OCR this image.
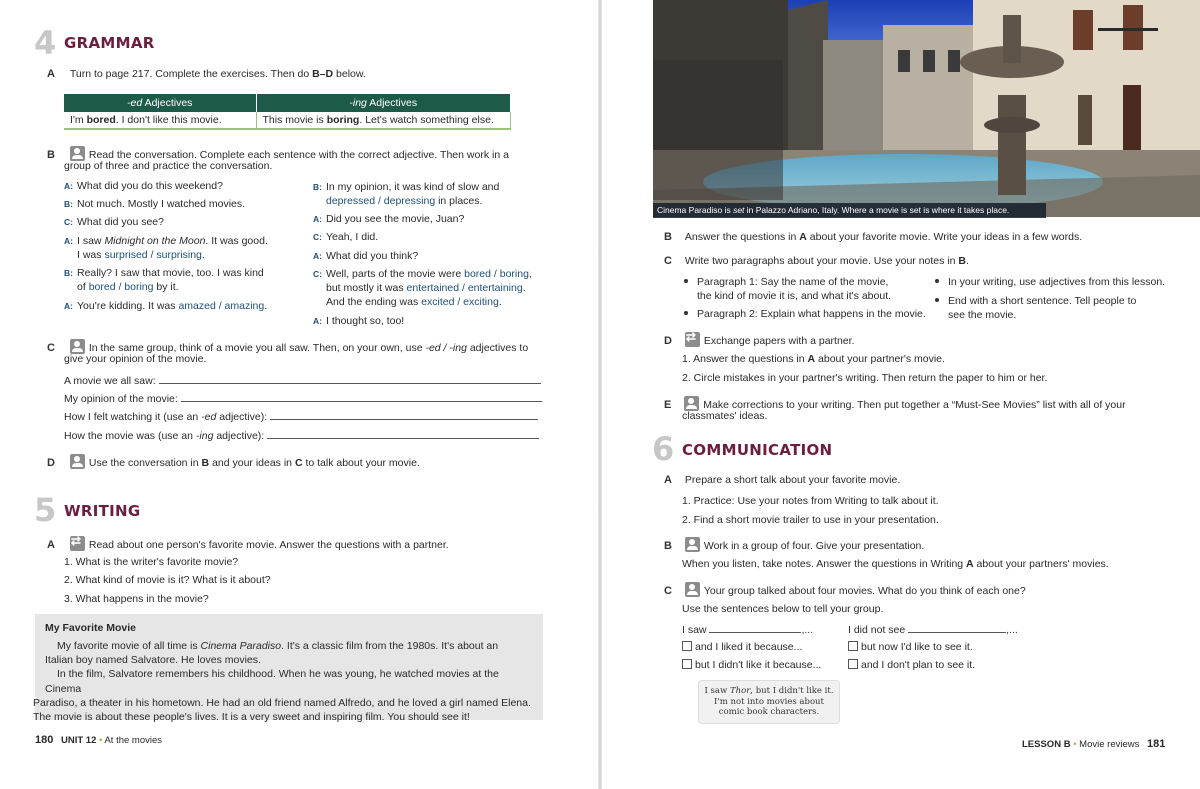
4 GRAMMAR
A Turn to page 217. Complete the exercises. Then do B–D below.
-ed Adjectives	-ing Adjectives
I'm bored. I don't like this movie.	This movie is boring. Let's watch something else.
B	Read the conversation. Complete each sentence with the correct adjective. Then work in a
group of three and practice the conversation.
A: What did you do this weekend?
B: Not much. Mostly I watched movies.
C: What did you see?
A: I saw Midnight on the Moon. It was good.
I was surprised / surprising.
B: Really? I saw that movie, too. I was kind
of bored / boring by it.
A: You're kidding. It was amazed / amazing.
B: In my opinion, it was kind of slow and
depressed / depressing in places.
A: Did you see the movie, Juan?
C: Yeah, I did.
A: What did you think?
C: Well, parts of the movie were bored / boring,
but mostly it was entertained / entertaining.
And the ending was excited / exciting.
A: I thought so, too!
C	In the same group, think of a movie you all saw. Then, on your own, use -ed / -ing adjectives to
give your opinion of the movie.
A movie we all saw:
My opinion of the movie:
How I felt watching it (use an -ed adjective):
How the movie was (use an -ing adjective):
D	Use the conversation in B and your ideas in C to talk about your movie.
5 WRITING
A ⇄	Read about one person's favorite movie. Answer the questions with a partner.
1. What is the writer's favorite movie?
2. What kind of movie is it? What is it about?
3. What happens in the movie?
My Favorite Movie

My favorite movie of all time is Cinema Paradiso. It's a classic film from the 1980s. It's about an
Italian boy named Salvatore. He loves movies.

In the film, Salvatore remembers his childhood. When he was young, he watched movies at the Cinema
Paradiso, a theater in his hometown. He had an old friend named Alfredo, and he loved a girl named Elena.
The movie is about these people's lives. It is a very sweet and inspiring film. You should see it!

180 UNIT 12 • At the movies
Cinema Paradiso is set in Palazzo Adriano, Italy. Where a movie is set is where it takes place.
B Answer the questions in A about your favorite movie. Write your ideas in a few words.
C Write two paragraphs about your movie. Use your notes in B.
Paragraph 1: Say the name of the movie,
the kind of movie it is, and what it's about.
Paragraph 2: Explain what happens in the movie.
In your writing, use adjectives from this lesson.
End with a short sentence. Tell people to
see the movie.
D ⇄	Exchange papers with a partner.
1. Answer the questions in A about your partner's movie.
2. Circle mistakes in your partner's writing. Then return the paper to him or her.
E	Make corrections to your writing. Then put together a “Must-See Movies” list with all of your
classmates' ideas.
6 COMMUNICATION
A Prepare a short talk about your favorite movie.
1. Practice: Use your notes from Writing to talk about it.
2. Find a short movie trailer to use in your presentation.
B	Work in a group of four. Give your presentation.
When you listen, take notes. Answer the questions in Writing A about your partners' movies.
C	Your group talked about four movies. What do you think of each one?
Use the sentences below to tell your group.
I saw	,...
and I liked it because...
but I didn't like it because...
I did not see	,...
but now I'd like to see it.
and I don't plan to see it.
I saw Thor, but I didn't like it.
I'm not into movies about
comic book characters.
LESSON B • Movie reviews 181
